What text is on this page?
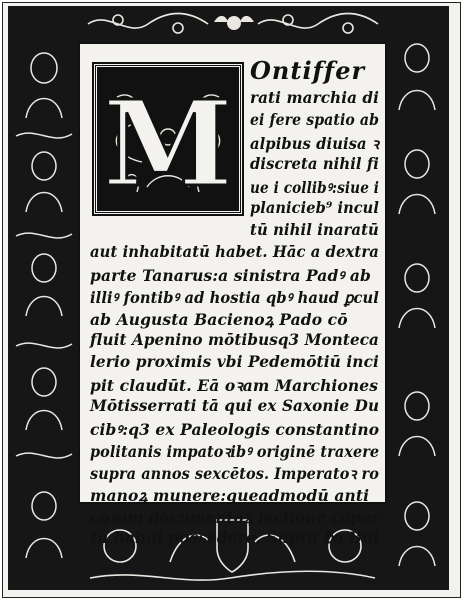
M
Ontiffer
rati marchia di
ei fere spatio ab
alpibus diuisa ꝛ
discreta nihil fi
ue i collibꝰ:siue i
planicieb⁹ incul
tū nihil inaratū
aut inhabitatū habet. Hāc a dextra
parte Tanarus:a sinistra Padꝰ ab
illiꝰ fontibꝰ ad hostia qbꝰ haud ꝑcul
ab Augusta Bacienoꝝ Pado cō
fluit Apenino mōtibusq3 Monteca
lerio proximis vbi Pedemōtiū inci
pit claudūt. Eā oꝛam Marchiones
Mōtisserrati tā qui ex Saxonie Du
cibꝰ:q3 ex Paleologis constantino
politanis impatoꝛibꝰ originē traxere
supra annos sexcētos. Imperatoꝛ ro
manoꝝ munere:queadmodū anti
coꝛum documentoꝝ lectione cōper
tū habui possedere. Supra ꝥo Bui
